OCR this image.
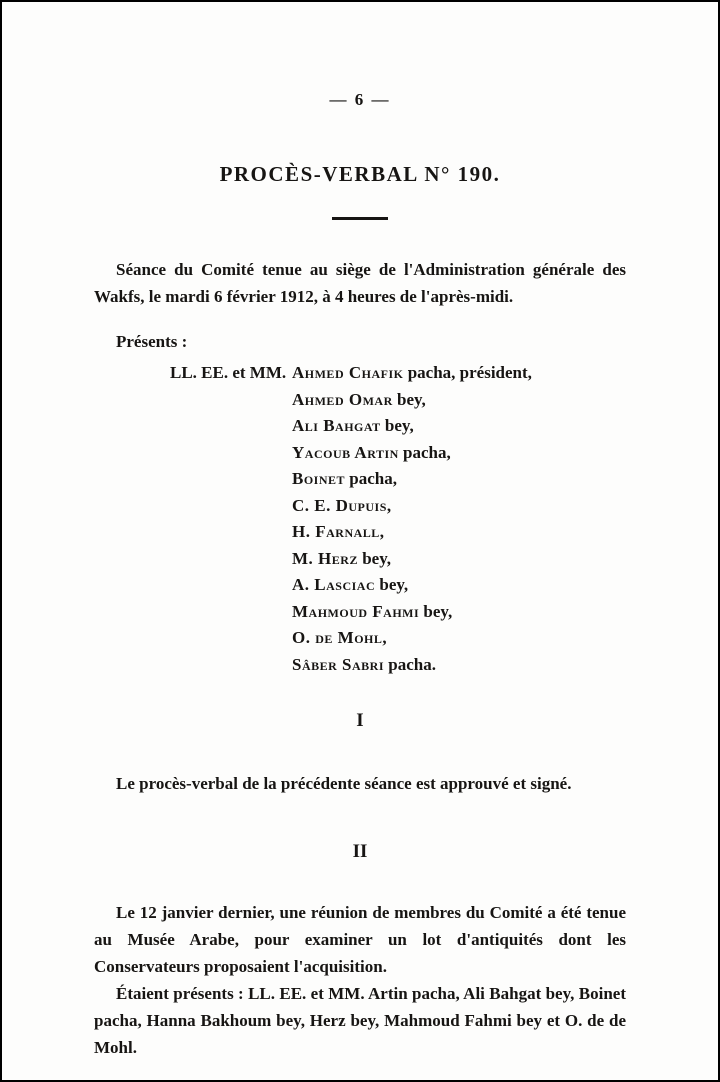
— 6 —
PROCÈS-VERBAL N° 190.

Séance du Comité tenue au siège de l'Administration générale des Wakfs, le mardi 6 février 1912, à 4 heures de l'après-midi.

Présents :
LL. EE. et MM. Ahmed Chafik pacha, président,
Ahmed Omar bey,
Ali Bahgat bey,
Yacoub Artin pacha,
Boinet pacha,
C. E. Dupuis,
H. Farnall,
M. Herz bey,
A. Lasciac bey,
Mahmoud Fahmi bey,
O. de Mohl,
Sâber Sabri pacha.
I

Le procès-verbal de la précédente séance est approuvé et signé.

II

Le 12 janvier dernier, une réunion de membres du Comité a été tenue au Musée Arabe, pour examiner un lot d'antiquités dont les Conservateurs proposaient l'acquisition.

Étaient présents : LL. EE. et MM. Artin pacha, Ali Bahgat bey, Boinet pacha, Hanna Bakhoum bey, Herz bey, Mahmoud Fahmi bey et O. de de Mohl.
